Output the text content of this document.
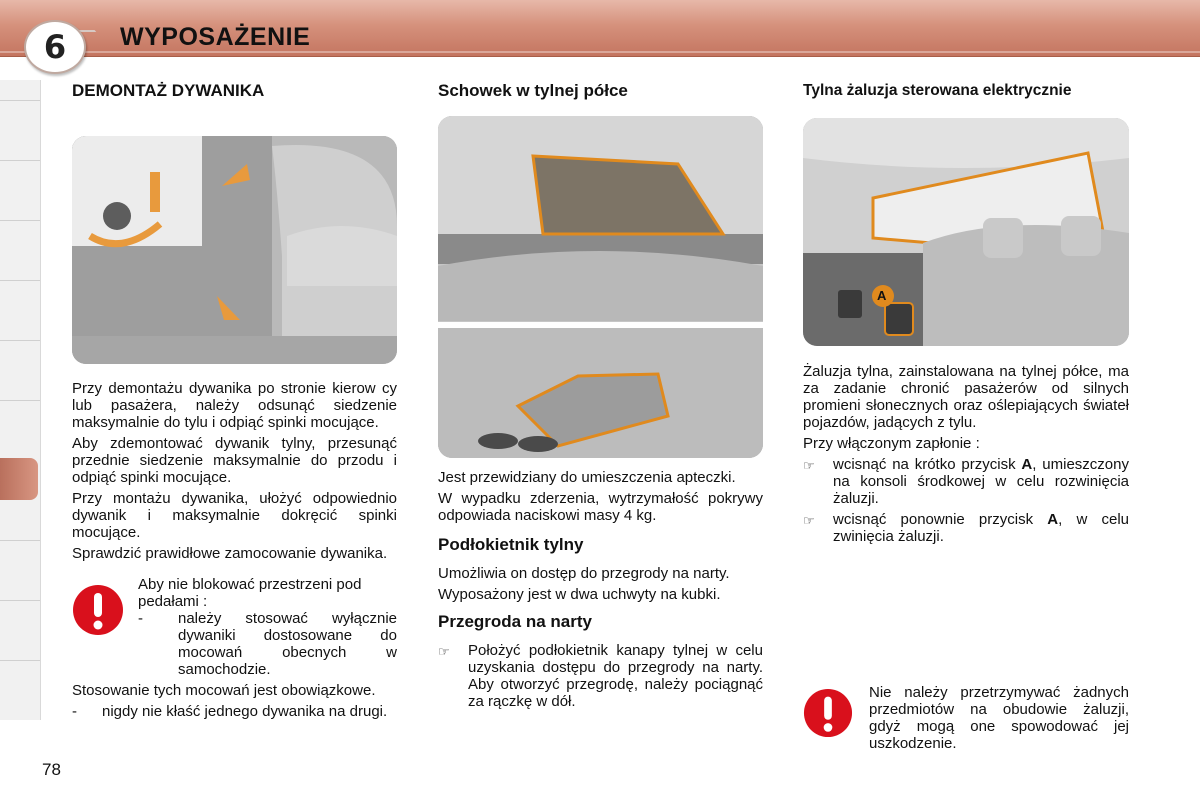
6	WYPOSAŻENIE
78
DEMONTAŻ DYWANIKA

Przy demontażu dywanika po stronie kierow cy lub pasażera, należy odsunąć siedzenie maksymalnie do tylu i odpiąć spinki mocujące.

Aby zdemontować dywanik tylny, przesunąć przednie siedzenie maksymalnie do przodu i odpiąć spinki mocujące.

Przy montażu dywanika, ułożyć odpowiednio dywanik i maksymalnie dokręcić spinki mocujące.

Sprawdzić prawidłowe zamocowanie dywanika.

Aby nie blokować przestrzeni pod pedałami :

-	należy stosować wyłącznie dywaniki dostosowane do mocowań obecnych w samochodzie.

Stosowanie tych mocowań jest obowiązkowe.

-	nigdy nie kłaść jednego dywanika na drugi.
Schowek w tylnej półce

Jest przewidziany do umieszczenia apteczki.

W wypadku zderzenia, wytrzymałość pokrywy odpowiada naciskowi masy 4 kg.

Podłokietnik tylny

Umożliwia on dostęp do przegrody na narty.

Wyposażony jest w dwa uchwyty na kubki.

Przegroda na narty
☞	Położyć podłokietnik kanapy tylnej w celu uzyskania dostępu do przegrody na narty. Aby otworzyć przegrodę, należy pociągnąć za rączkę w dół.
Tylna żaluzja sterowana elektrycznie
A

Żaluzja tylna, zainstalowana na tylnej półce, ma za zadanie chronić pasażerów od silnych promieni słonecznych oraz oślepiających świateł pojazdów, jadących z tylu.

Przy włączonym zapłonie :

☞	wcisnąć na krótko przycisk A, umieszczony na konsoli środkowej w celu rozwinięcia żaluzji.
☞	wcisnąć ponownie przycisk A, w celu zwinięcia żaluzji.

Nie należy przetrzymywać żadnych przedmiotów na obudowie żaluzji, gdyż mogą one spowodować jej uszkodzenie.
